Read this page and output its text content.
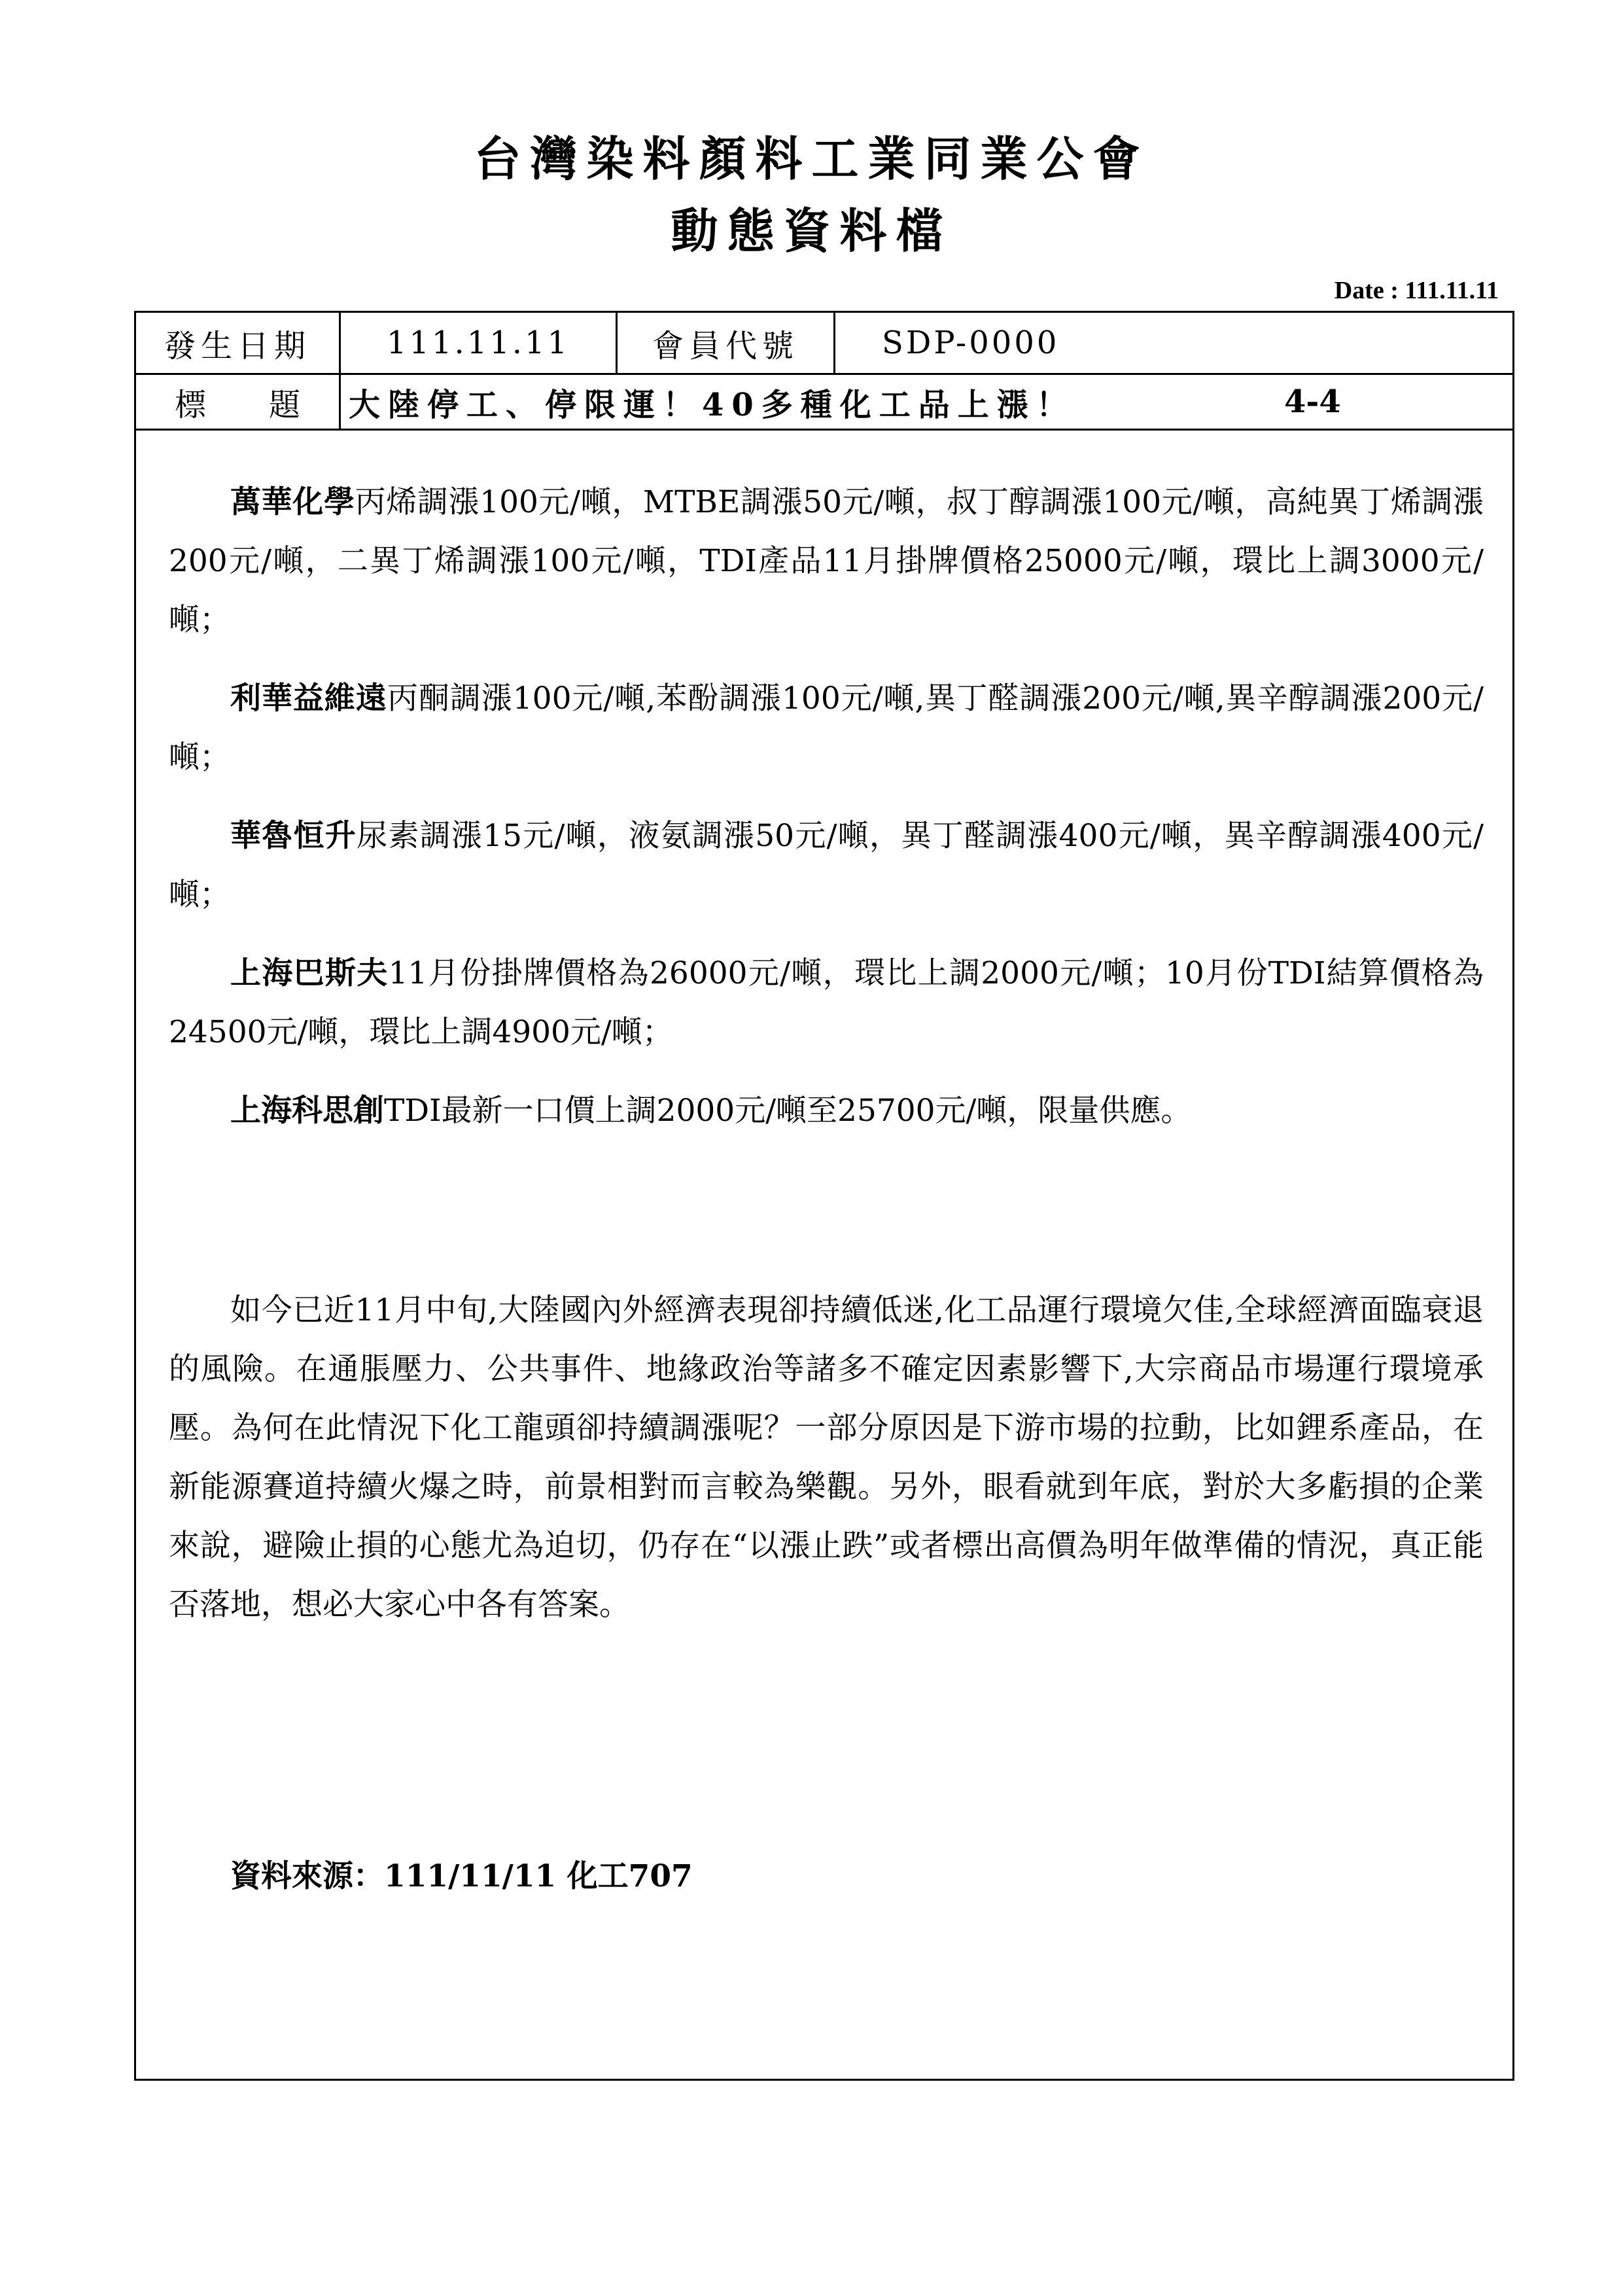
台灣染料顏料工業同業公會
動態資料檔
Date : 111.11.11
發生日期	111.11.11	會員代號	SDP-0000
標　　題	大陸停工、停限運！40多種化工品上漲！	4-4

萬華化學丙烯調漲100元/噸，MTBE調漲50元/噸，叔丁醇調漲100元/噸，高純異丁烯調漲200元/噸，二異丁烯調漲100元/噸，TDI產品11月掛牌價格25000元/噸，環比上調3000元/噸；

利華益維遠丙酮調漲100元/噸,苯酚調漲100元/噸,異丁醛調漲200元/噸,異辛醇調漲200元/噸；

華魯恒升尿素調漲15元/噸，液氨調漲50元/噸，異丁醛調漲400元/噸，異辛醇調漲400元/噸；

上海巴斯夫11月份掛牌價格為26000元/噸，環比上調2000元/噸；10月份TDI結算價格為24500元/噸，環比上調4900元/噸；

上海科思創TDI最新一口價上調2000元/噸至25700元/噸，限量供應。

如今已近11月中旬,大陸國內外經濟表現卻持續低迷,化工品運行環境欠佳,全球經濟面臨衰退的風險。在通脹壓力、公共事件、地緣政治等諸多不確定因素影響下,大宗商品市場運行環境承壓。為何在此情況下化工龍頭卻持續調漲呢？一部分原因是下游市場的拉動，比如鋰系產品，在新能源賽道持續火爆之時，前景相對而言較為樂觀。另外，眼看就到年底，對於大多虧損的企業來說，避險止損的心態尤為迫切，仍存在“以漲止跌”或者標出高價為明年做準備的情況，真正能否落地，想必大家心中各有答案。

資料來源：111/11/11 化工707
